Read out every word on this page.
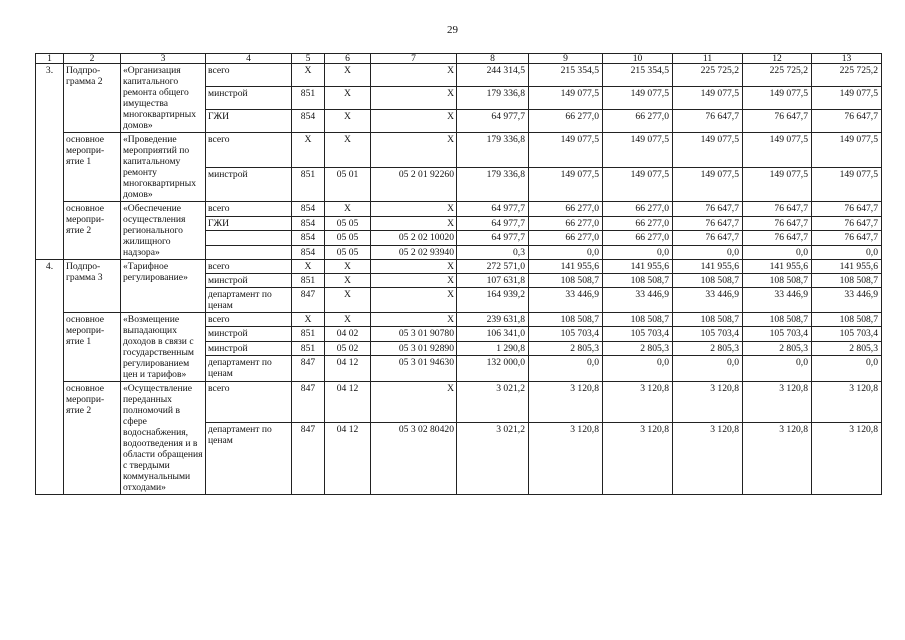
29
1	2	3	4	5	6	7	8	9	10	11	12	13
3.	Подпро-грамма 2	«Организация капитального ремонта общего имущества многоквартирных домов»	всего	Х	Х	Х	244 314,5	215 354,5	215 354,5	225 725,2	225 725,2	225 725,2
			минстрой	851	Х	Х	179 336,8	149 077,5	149 077,5	149 077,5	149 077,5	149 077,5
			ГЖИ	854	Х	Х	64 977,7	66 277,0	66 277,0	76 647,7	76 647,7	76 647,7
	основное меропри-ятие 1	«Проведение мероприятий по капитальному ремонту многоквартирных домов»	всего	Х	Х	Х	179 336,8	149 077,5	149 077,5	149 077,5	149 077,5	149 077,5
			минстрой	851	05 01	05 2 01 92260	179 336,8	149 077,5	149 077,5	149 077,5	149 077,5	149 077,5
	основное меропри-ятие 2	«Обеспечение осуществления регионального жилищного надзора»	всего	854	Х	Х	64 977,7	66 277,0	66 277,0	76 647,7	76 647,7	76 647,7
			ГЖИ	854	05 05	Х	64 977,7	66 277,0	66 277,0	76 647,7	76 647,7	76 647,7
				854	05 05	05 2 02 10020	64 977,7	66 277,0	66 277,0	76 647,7	76 647,7	76 647,7
				854	05 05	05 2 02 93940	0,3	0,0	0,0	0,0	0,0	0,0
4.	Подпро-грамма 3	«Тарифное регулирование»	всего	Х	Х	Х	272 571,0	141 955,6	141 955,6	141 955,6	141 955,6	141 955,6
			минстрой	851	Х	Х	107 631,8	108 508,7	108 508,7	108 508,7	108 508,7	108 508,7
			департамент по ценам	847	Х	Х	164 939,2	33 446,9	33 446,9	33 446,9	33 446,9	33 446,9
	основное меропри-ятие 1	«Возмещение выпадающих доходов в связи с государственным регулированием цен и тарифов»	всего	Х	Х	Х	239 631,8	108 508,7	108 508,7	108 508,7	108 508,7	108 508,7
			минстрой	851	04 02	05 3 01 90780	106 341,0	105 703,4	105 703,4	105 703,4	105 703,4	105 703,4
			минстрой	851	05 02	05 3 01 92890	1 290,8	2 805,3	2 805,3	2 805,3	2 805,3	2 805,3
			департамент по ценам	847	04 12	05 3 01 94630	132 000,0	0,0	0,0	0,0	0,0	0,0
	основное меропри-ятие 2	«Осуществление переданных полномочий в сфере водоснабжения, водоотведения и в области обращения с твердыми коммунальными отходами»	всего	847	04 12	Х	3 021,2	3 120,8	3 120,8	3 120,8	3 120,8	3 120,8
			департамент по ценам	847	04 12	05 3 02 80420	3 021,2	3 120,8	3 120,8	3 120,8	3 120,8	3 120,8
